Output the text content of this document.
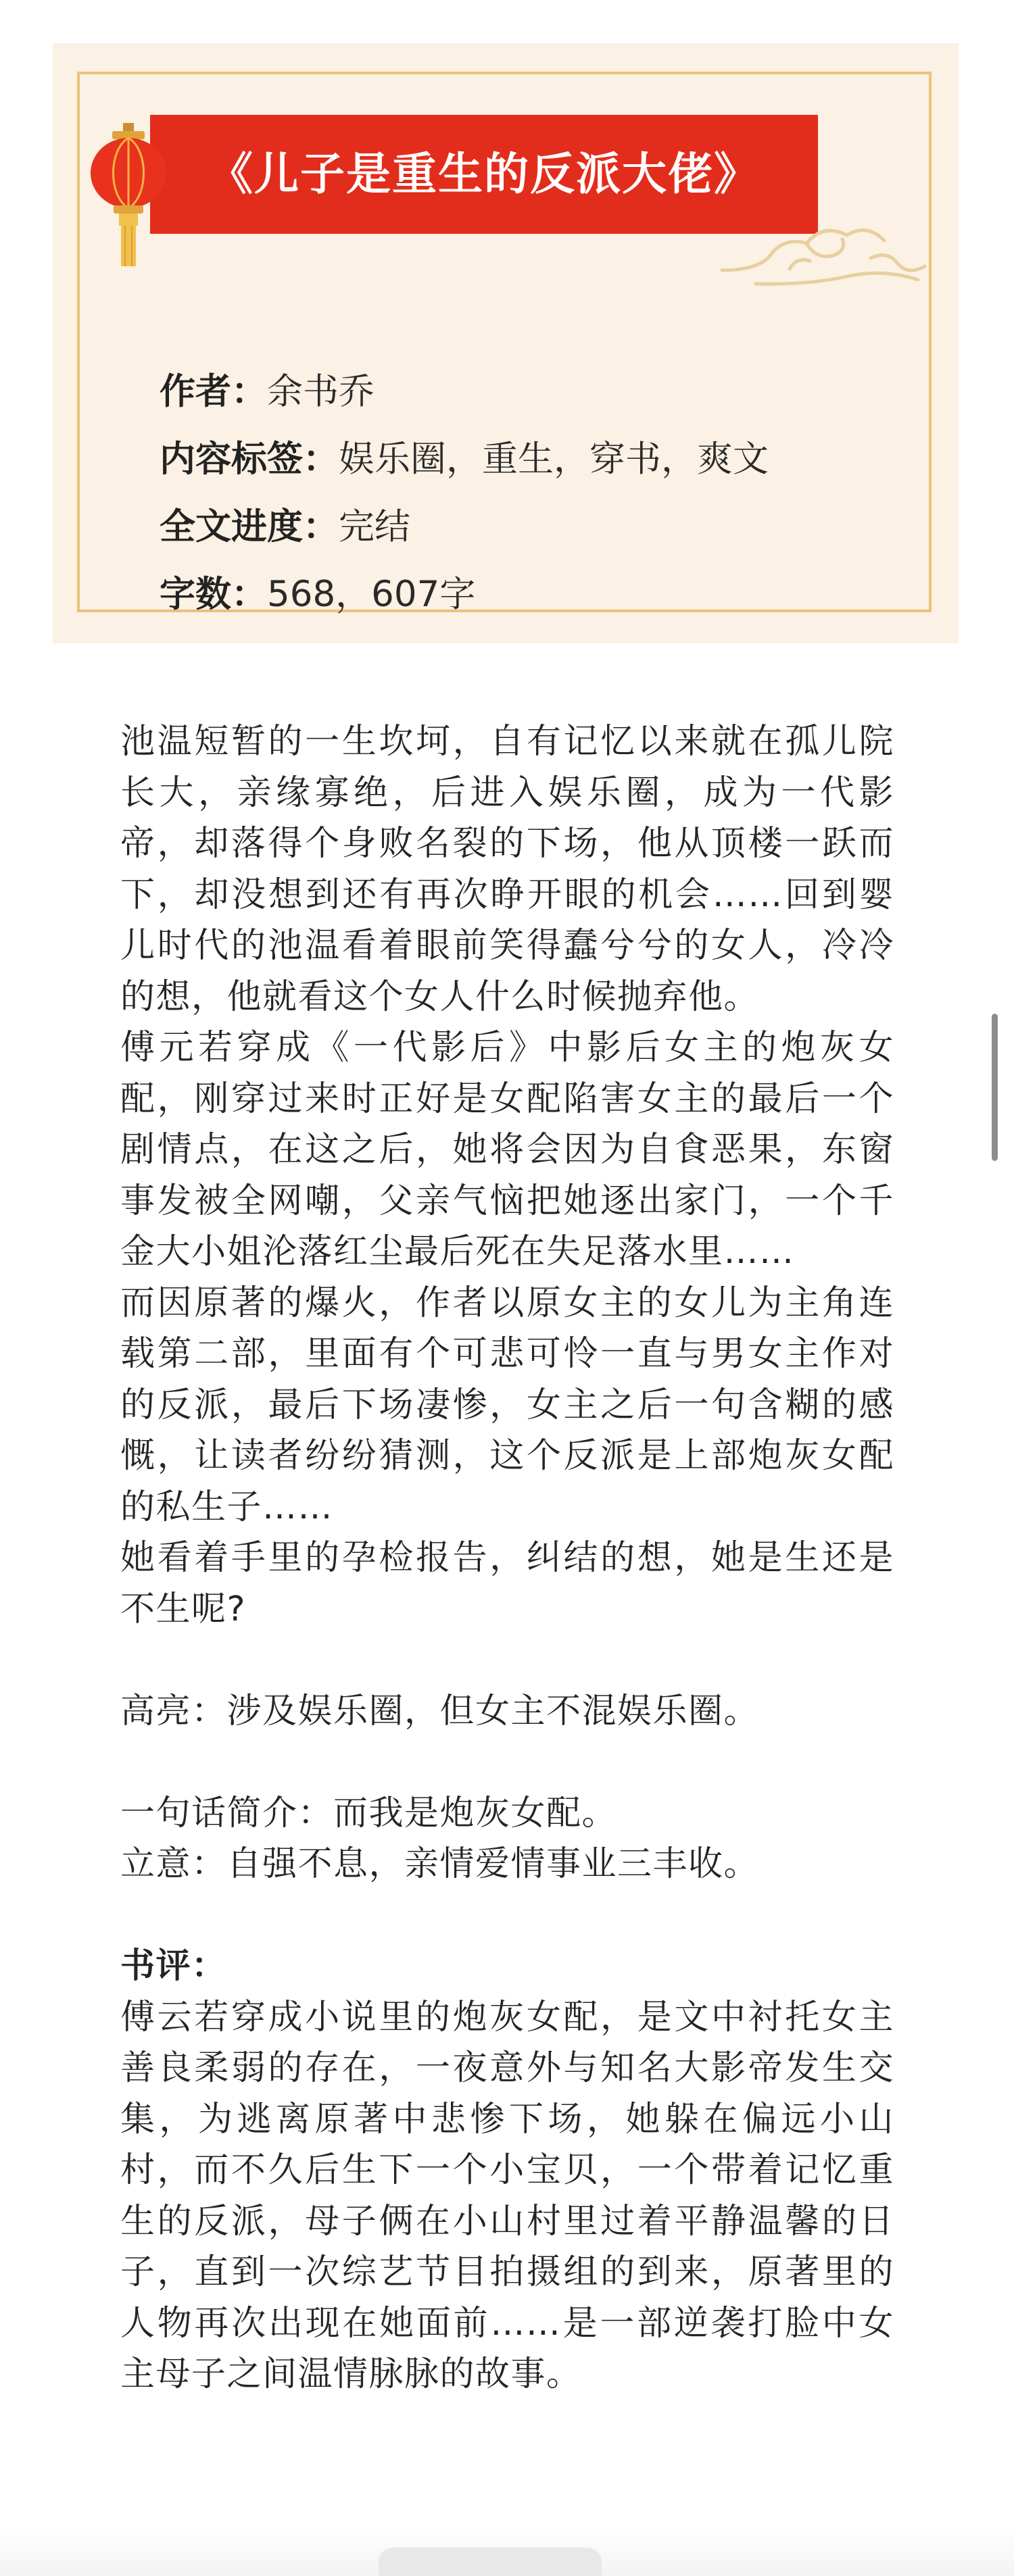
《儿子是重生的反派大佬》
作者：余书乔
内容标签：娱乐圈，重生，穿书，爽文
全文进度：完结
字数：568，607字

池温短暂的一生坎坷，自有记忆以来就在孤儿院长大，亲缘寡绝，后进入娱乐圈，成为一代影帝，却落得个身败名裂的下场，他从顶楼一跃而下，却没想到还有再次睁开眼的机会……回到婴儿时代的池温看着眼前笑得蠢兮兮的女人，冷冷的想，他就看这个女人什么时候抛弃他。

傅元若穿成《一代影后》中影后女主的炮灰女配，刚穿过来时正好是女配陷害女主的最后一个剧情点，在这之后，她将会因为自食恶果，东窗事发被全网嘲，父亲气恼把她逐出家门，一个千金大小姐沦落红尘最后死在失足落水里……

而因原著的爆火，作者以原女主的女儿为主角连载第二部，里面有个可悲可怜一直与男女主作对的反派，最后下场凄惨，女主之后一句含糊的感慨，让读者纷纷猜测，这个反派是上部炮灰女配的私生子……

她看着手里的孕检报告，纠结的想，她是生还是不生呢?

高亮：涉及娱乐圈，但女主不混娱乐圈。

一句话简介：而我是炮灰女配。

立意：自强不息，亲情爱情事业三丰收。

书评：

傅云若穿成小说里的炮灰女配，是文中衬托女主善良柔弱的存在，一夜意外与知名大影帝发生交集，为逃离原著中悲惨下场，她躲在偏远小山村，而不久后生下一个小宝贝，一个带着记忆重生的反派，母子俩在小山村里过着平静温馨的日子，直到一次综艺节目拍摄组的到来，原著里的人物再次出现在她面前……是一部逆袭打脸中女主母子之间温情脉脉的故事。
